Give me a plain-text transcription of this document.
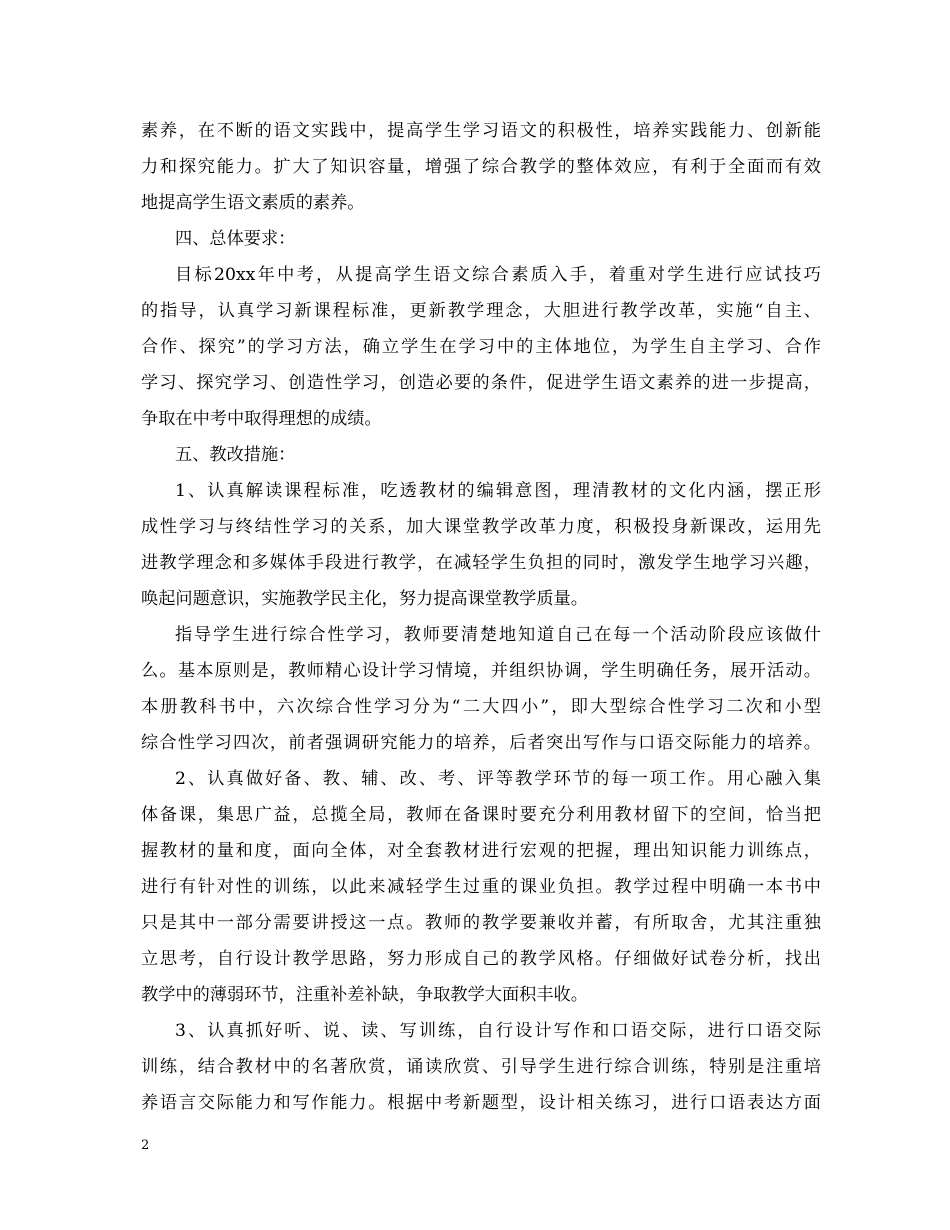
素养，在不断的语文实践中，提高学生学习语文的积极性，培养实践能力、创新能
力和探究能力。扩大了知识容量，增强了综合教学的整体效应，有利于全面而有效
地提高学生语文素质的素养。
四、总体要求：
目标20xx年中考，从提高学生语文综合素质入手，着重对学生进行应试技巧
的指导，认真学习新课程标准，更新教学理念，大胆进行教学改革，实施“自主、
合作、探究”的学习方法，确立学生在学习中的主体地位，为学生自主学习、合作
学习、探究学习、创造性学习，创造必要的条件，促进学生语文素养的进一步提高，
争取在中考中取得理想的成绩。
五、教改措施：
1、认真解读课程标准，吃透教材的编辑意图，理清教材的文化内涵，摆正形
成性学习与终结性学习的关系，加大课堂教学改革力度，积极投身新课改，运用先
进教学理念和多媒体手段进行教学，在减轻学生负担的同时，激发学生地学习兴趣，
唤起问题意识，实施教学民主化，努力提高课堂教学质量。
指导学生进行综合性学习，教师要清楚地知道自己在每一个活动阶段应该做什
么。基本原则是，教师精心设计学习情境，并组织协调，学生明确任务，展开活动。
本册教科书中，六次综合性学习分为“二大四小”，即大型综合性学习二次和小型
综合性学习四次，前者强调研究能力的培养，后者突出写作与口语交际能力的培养。
2、认真做好备、教、辅、改、考、评等教学环节的每一项工作。用心融入集
体备课，集思广益，总揽全局，教师在备课时要充分利用教材留下的空间，恰当把
握教材的量和度，面向全体，对全套教材进行宏观的把握，理出知识能力训练点，
进行有针对性的训练，以此来减轻学生过重的课业负担。教学过程中明确一本书中
只是其中一部分需要讲授这一点。教师的教学要兼收并蓄，有所取舍，尤其注重独
立思考，自行设计教学思路，努力形成自己的教学风格。仔细做好试卷分析，找出
教学中的薄弱环节，注重补差补缺，争取教学大面积丰收。
3、认真抓好听、说、读、写训练，自行设计写作和口语交际，进行口语交际
训练，结合教材中的名著欣赏，诵读欣赏、引导学生进行综合训练，特别是注重培
养语言交际能力和写作能力。根据中考新题型，设计相关练习，进行口语表达方面
2
